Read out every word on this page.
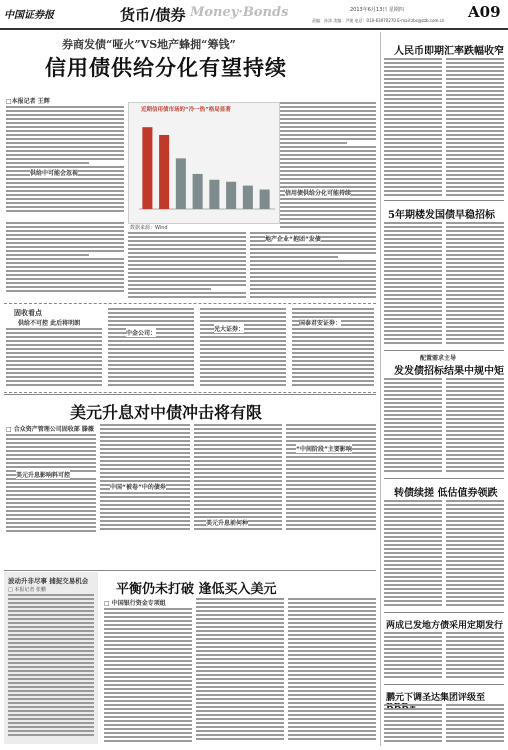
中国证券报	货币/债券 Money·Bonds	2013年6月13日 星期四	A09
责编：孙涛 美编：尹建 电话：010-63070270 E-mail:zbs@zzb.com.cn
券商发债“哑火”VS地产蜂拥“筹钱”
信用债供给分化有望持续
□本报记者 王辉
供给中可能会忽视
近期信用债市场的“冷一热”格局显著
数据来源：Wind
信用债供给分化可能持续
地产企业“抱团”发债
固收看点
供给不可控 此后将明朗
中金公司：
光大证券：
国泰君安证券：
美元升息对中债冲击将有限
□ 合众资产管理公司固收部 滕薇
美元升息影响料可控
中国“被卷”中的债券
美元升息前何种
“中间阶段”主要影响
波动升非尽事 捕捉交易机会
□ 本报记者 张鹏	平衡仍未打破 逢低买入美元
□ 中国银行资金专项组
人民币即期汇率跌幅收窄
5年期楼发国债早稳招标
配置需求主导
发发债招标结果中规中矩
转债续搓 低估值券领跌
两成已发地方债采用定期发行
鹏元下调圣达集团评级至
